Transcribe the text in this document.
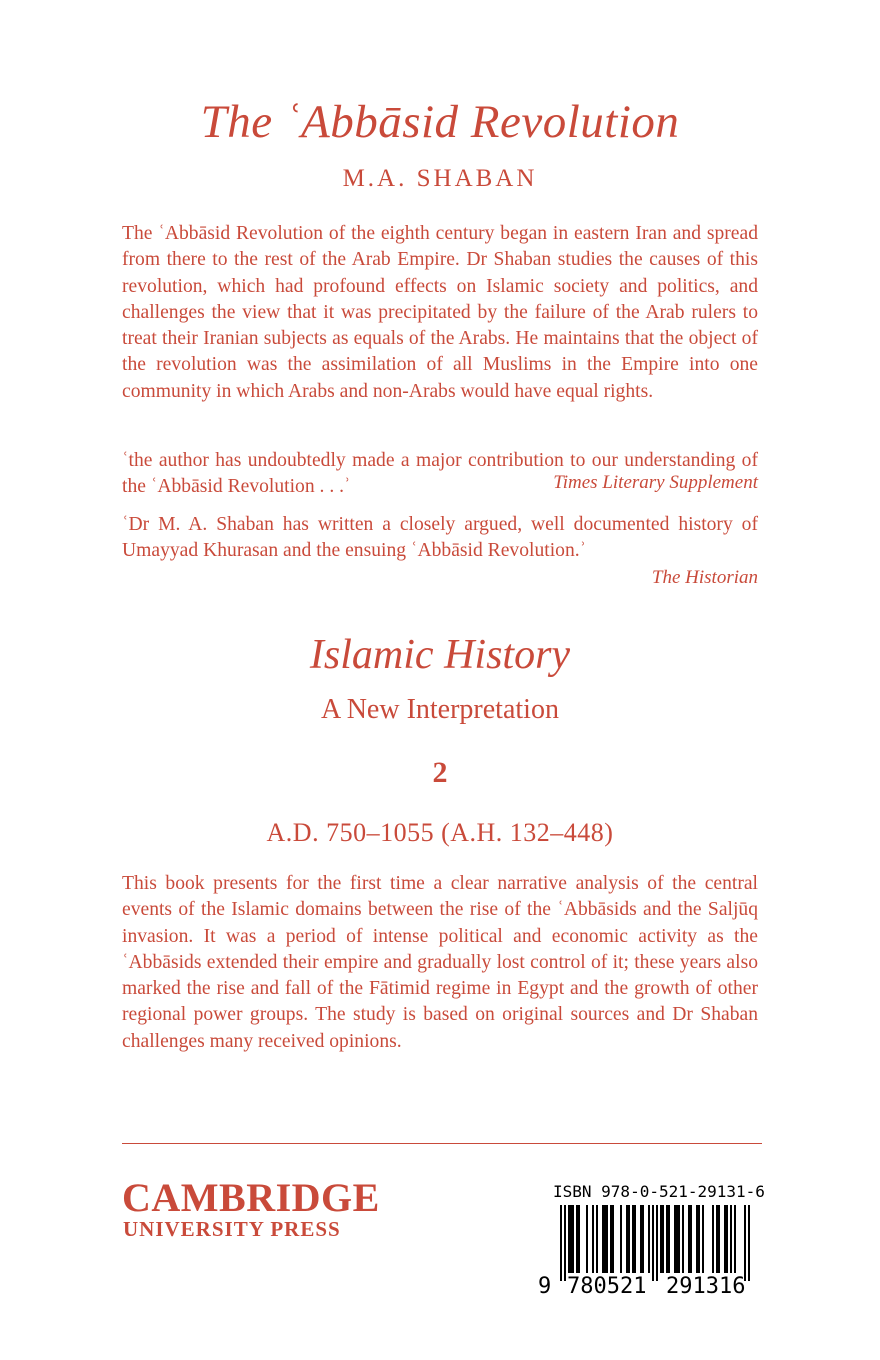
The ʿAbbāsid Revolution
M.A. SHABAN

The ʿAbbāsid Revolution of the eighth century began in eastern Iran and spread from there to the rest of the Arab Empire. Dr Shaban studies the causes of this revolution, which had profound effects on Islamic society and politics, and challenges the view that it was precipitated by the failure of the Arab rulers to treat their Iranian subjects as equals of the Arabs. He maintains that the object of the revolution was the assimilation of all Muslims in the Empire into one community in which Arabs and non-Arabs would have equal rights.

ʿthe author has undoubtedly made a major contribution to our understanding of the ʿAbbāsid Revolution . . .ʾ	Times Literary Supplement

ʿDr M. A. Shaban has written a closely argued, well documented history of Umayyad Khurasan and the ensuing ʿAbbāsid Revolution.ʾ

The Historian
Islamic History
A New Interpretation
2
A.D. 750–1055 (A.H. 132–448)

This book presents for the first time a clear narrative analysis of the central events of the Islamic domains between the rise of the ʿAbbāsids and the Saljūq invasion. It was a period of intense political and economic activity as the ʿAbbāsids extended their empire and gradually lost control of it; these years also marked the rise and fall of the Fātimid regime in Egypt and the growth of other regional power groups. The study is based on original sources and Dr Shaban challenges many received opinions.

CAMBRIDGE
UNIVERSITY PRESS
ISBN 978-0-521-29131-6
9 780521 291316
